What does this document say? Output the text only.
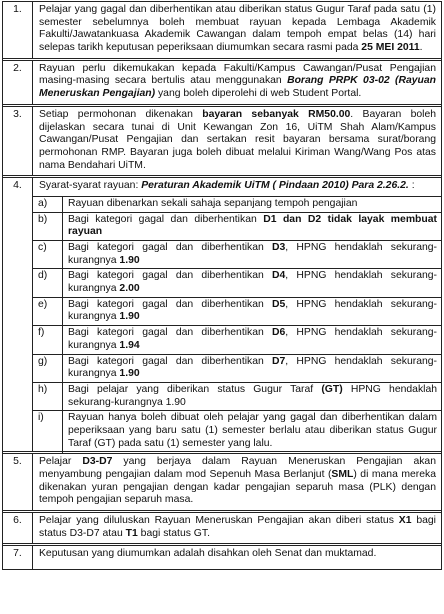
1.	Pelajar yang gagal dan diberhentikan atau diberikan status Gugur Taraf pada satu (1) semester sebelumnya boleh membuat rayuan kepada Lembaga Akademik Fakulti/Jawatankuasa Akademik Cawangan dalam tempoh empat belas (14) hari selepas tarikh keputusan peperiksaan diumumkan secara rasmi pada 25 MEI 2011.
2.	Rayuan perlu dikemukakan kepada Fakulti/Kampus Cawangan/Pusat Pengajian masing-masing secara bertulis atau menggunakan Borang PRPK 03-02 (Rayuan Meneruskan Pengajian) yang boleh diperolehi di web Student Portal.
3.	Setiap permohonan dikenakan bayaran sebanyak RM50.00. Bayaran boleh dijelaskan secara tunai di Unit Kewangan Zon 16, UiTM Shah Alam/Kampus Cawangan/Pusat Pengajian dan sertakan resit bayaran bersama surat/borang permohonan RMP. Bayaran juga boleh dibuat melalui Kiriman Wang/Wang Pos atas nama Bendahari UiTM.
4.	Syarat-syarat rayuan: Peraturan Akademik UiTM ( Pindaan 2010) Para 2.26.2. :
a)	Rayuan dibenarkan sekali sahaja sepanjang tempoh pengajian
b)	Bagi kategori gagal dan diberhentikan D1 dan D2 tidak layak membuat rayuan
c)	Bagi kategori gagal dan diberhentikan D3, HPNG hendaklah sekurang-kurangnya 1.90
d)	Bagi kategori gagal dan diberhentikan D4, HPNG hendaklah sekurang-kurangnya 2.00
e)	Bagi kategori gagal dan diberhentikan D5, HPNG hendaklah sekurang-kurangnya 1.90
f)	Bagi kategori gagal dan diberhentikan D6, HPNG hendaklah sekurang-kurangnya 1.94
g)	Bagi kategori gagal dan diberhentikan D7, HPNG hendaklah sekurang-kurangnya 1.90
h)	Bagi pelajar yang diberikan status Gugur Taraf (GT) HPNG hendaklah sekurang-kurangnya 1.90
i)	Rayuan hanya boleh dibuat oleh pelajar yang gagal dan diberhentikan dalam peperiksaan yang baru satu (1) semester berlalu atau diberikan status Gugur Taraf (GT) pada satu (1) semester yang lalu.
5.	Pelajar D3-D7 yang berjaya dalam Rayuan Meneruskan Pengajian akan menyambung pengajian dalam mod Sepenuh Masa Berlanjut (SML) di mana mereka dikenakan yuran pengajian dengan kadar pengajian separuh masa (PLK) dengan tempoh pengajian separuh masa.
6.	Pelajar yang diluluskan Rayuan Meneruskan Pengajian akan diberi status X1 bagi status D3-D7 atau T1 bagi status GT.
7.	Keputusan yang diumumkan adalah disahkan oleh Senat dan muktamad.
